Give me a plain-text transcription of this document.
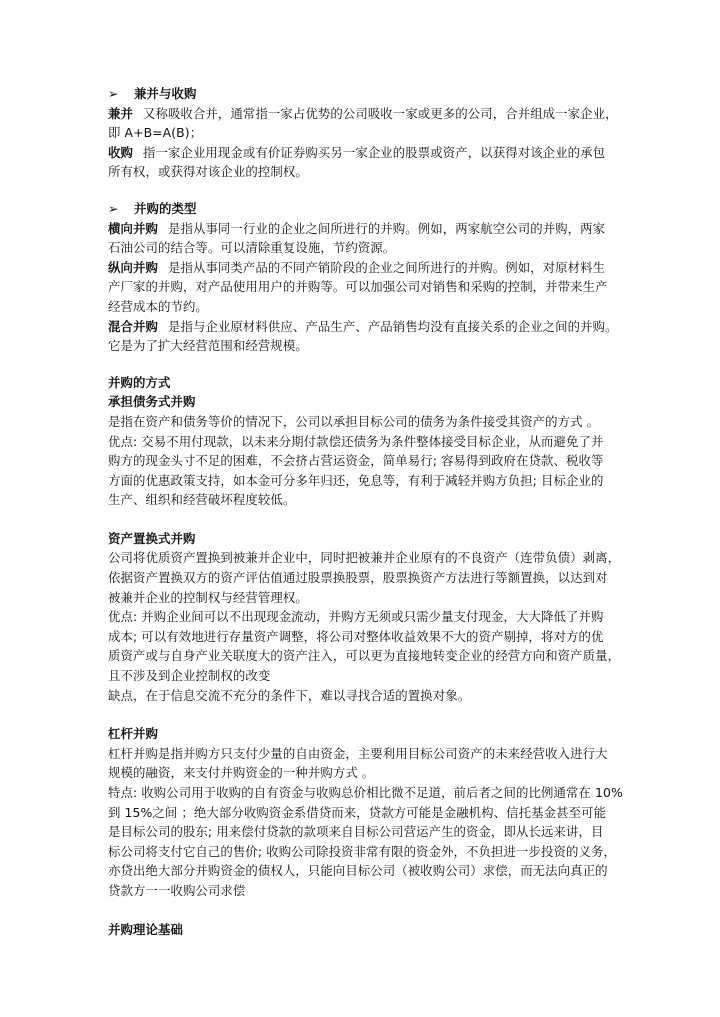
➢ 兼并与收购
兼并 又称吸收合并，通常指一家占优势的公司吸收一家或更多的公司，合并组成一家企业，
即 A+B=A(B)；
收购 指一家企业用现金或有价证券购买另一家企业的股票或资产，以获得对该企业的承包
所有权，或获得对该企业的控制权。
➢ 并购的类型
横向并购 是指从事同一行业的企业之间所进行的并购。例如，两家航空公司的并购，两家
石油公司的结合等。可以清除重复设施，节约资源。
纵向并购 是指从事同类产品的不同产销阶段的企业之间所进行的并购。例如，对原材料生
产厂家的并购，对产品使用用户的并购等。可以加强公司对销售和采购的控制，并带来生产
经营成本的节约。
混合并购 是指与企业原材料供应、产品生产、产品销售均没有直接关系的企业之间的并购。
它是为了扩大经营范围和经营规模。
并购的方式
承担债务式并购
是指在资产和债务等价的情况下，公司以承担目标公司的债务为条件接受其资产的方式 。
优点: 交易不用付现款，以未来分期付款偿还债务为条件整体接受目标企业，从而避免了并
购方的现金头寸不足的困难，不会挤占营运资金，简单易行; 容易得到政府在贷款、税收等
方面的优惠政策支持，如本金可分多年归还，免息等，有利于减轻并购方负担; 目标企业的
生产、组织和经营破坏程度较低。
资产置换式并购
公司将优质资产置换到被兼并企业中，同时把被兼并企业原有的不良资产（连带负债）剥离，
依据资产置换双方的资产评估值通过股票换股票，股票换资产方法进行等额置换，以达到对
被兼并企业的控制权与经营管理权。
优点: 并购企业间可以不出现现金流动，并购方无须或只需少量支付现金，大大降低了并购
成本; 可以有效地进行存量资产调整，将公司对整体收益效果不大的资产剔掉，将对方的优
质资产或与自身产业关联度大的资产注入，可以更为直接地转变企业的经营方向和资产质量，
且不涉及到企业控制权的改变
缺点，在于信息交流不充分的条件下，难以寻找合适的置换对象。
杠杆并购
杠杆并购是指并购方只支付少量的自由资金，主要利用目标公司资产的未来经营收入进行大
规模的融资，来支付并购资金的一种并购方式 。
特点: 收购公司用于收购的自有资金与收购总价相比微不足道，前后者之间的比例通常在 10%
到 15%之间 ；绝大部分收购资金系借贷而来，贷款方可能是金融机构、信托基金甚至可能
是目标公司的股东; 用来偿付贷款的款项来自目标公司营运产生的资金，即从长远来讲，目
标公司将支付它自己的售价; 收购公司除投资非常有限的资金外，不负担进一步投资的义务，
亦贷出绝大部分并购资金的债权人，只能向目标公司（被收购公司）求偿，而无法向真正的
贷款方一一收购公司求偿
并购理论基础
